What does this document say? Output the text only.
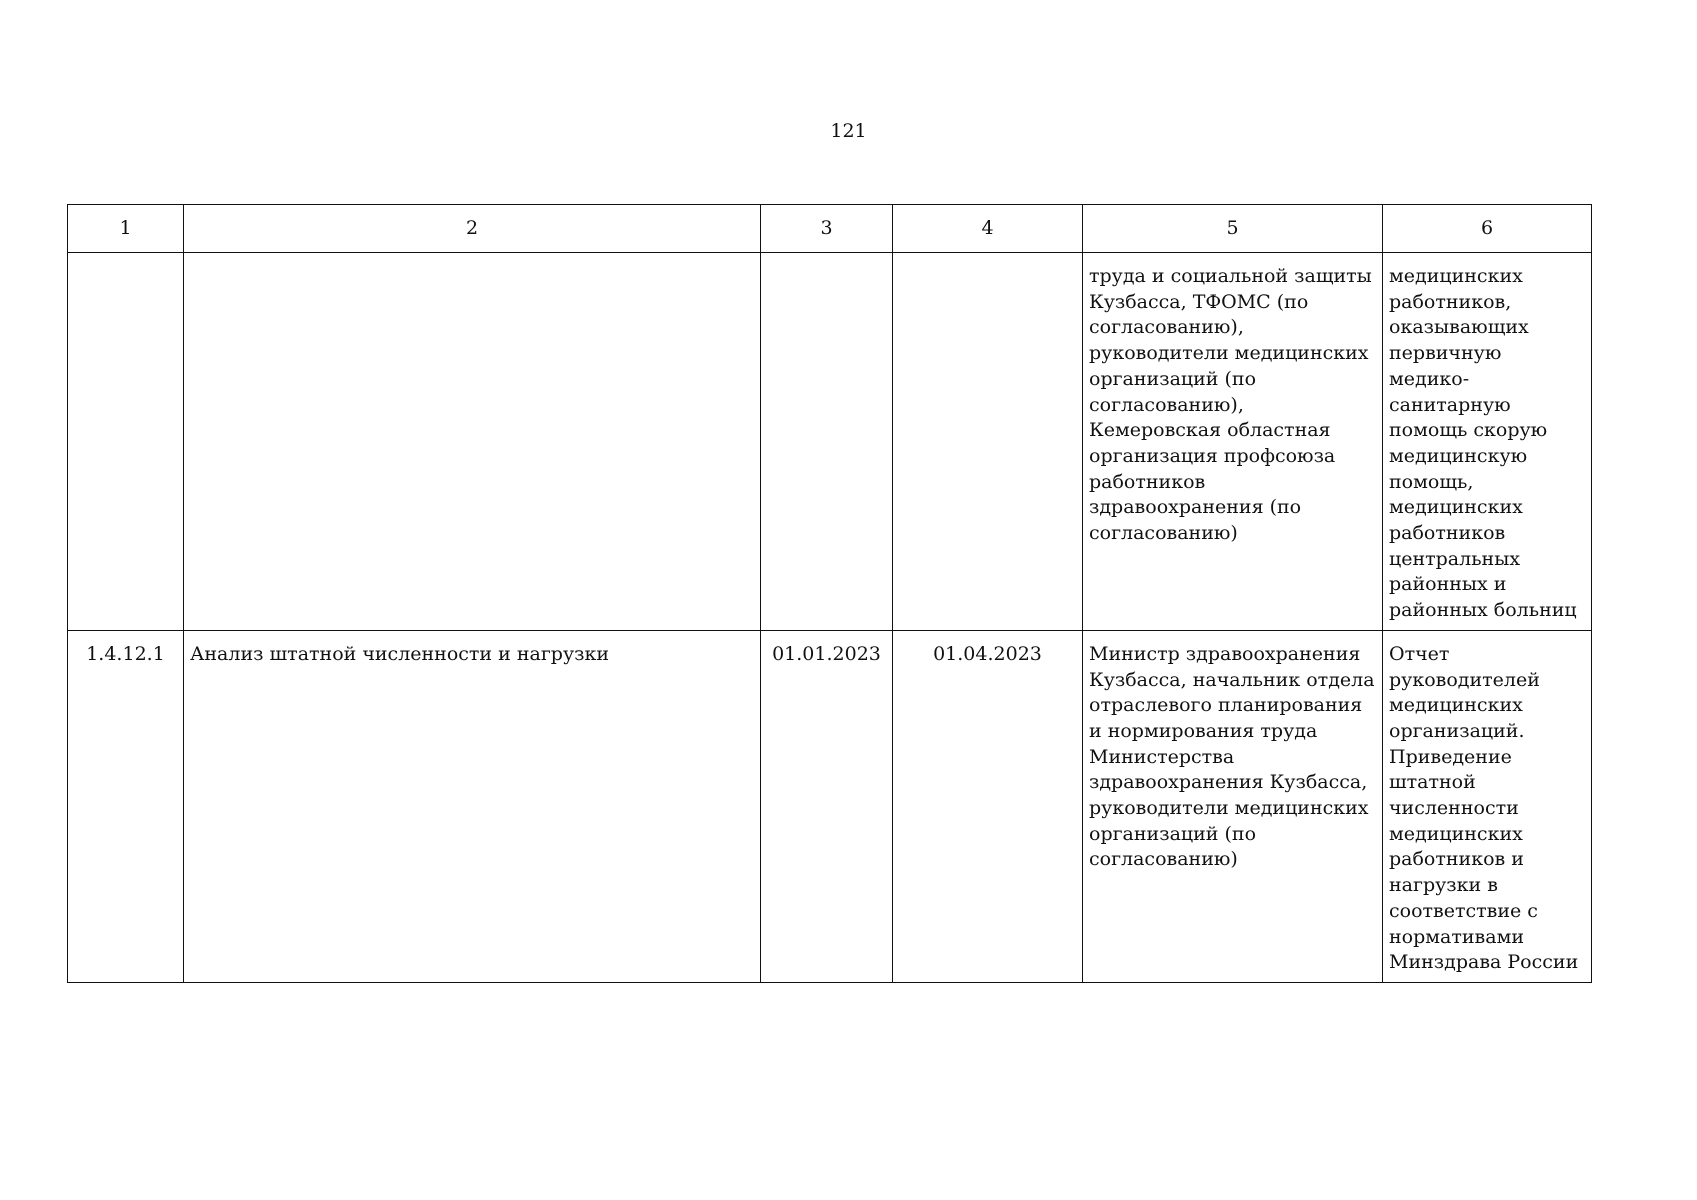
121
1	2	3	4	5	6
				труда и социальной защиты Кузбасса, ТФОМС (по согласованию), руководители медицинских организаций (по согласованию), Кемеровская областная организация профсоюза работников здравоохранения (по согласованию)	медицинских работников, оказывающих первичную медико-санитарную помощь скорую медицинскую помощь, медицинских работников центральных районных и районных больниц
1.4.12.1	Анализ штатной численности и нагрузки	01.01.2023	01.04.2023	Министр здравоохранения Кузбасса, начальник отдела отраслевого планирования и нормирования труда Министерства здравоохранения Кузбасса, руководители медицинских организаций (по согласованию)	Отчет руководителей медицинских организаций. Приведение штатной численности медицинских работников и нагрузки в соответствие с нормативами Минздрава России
